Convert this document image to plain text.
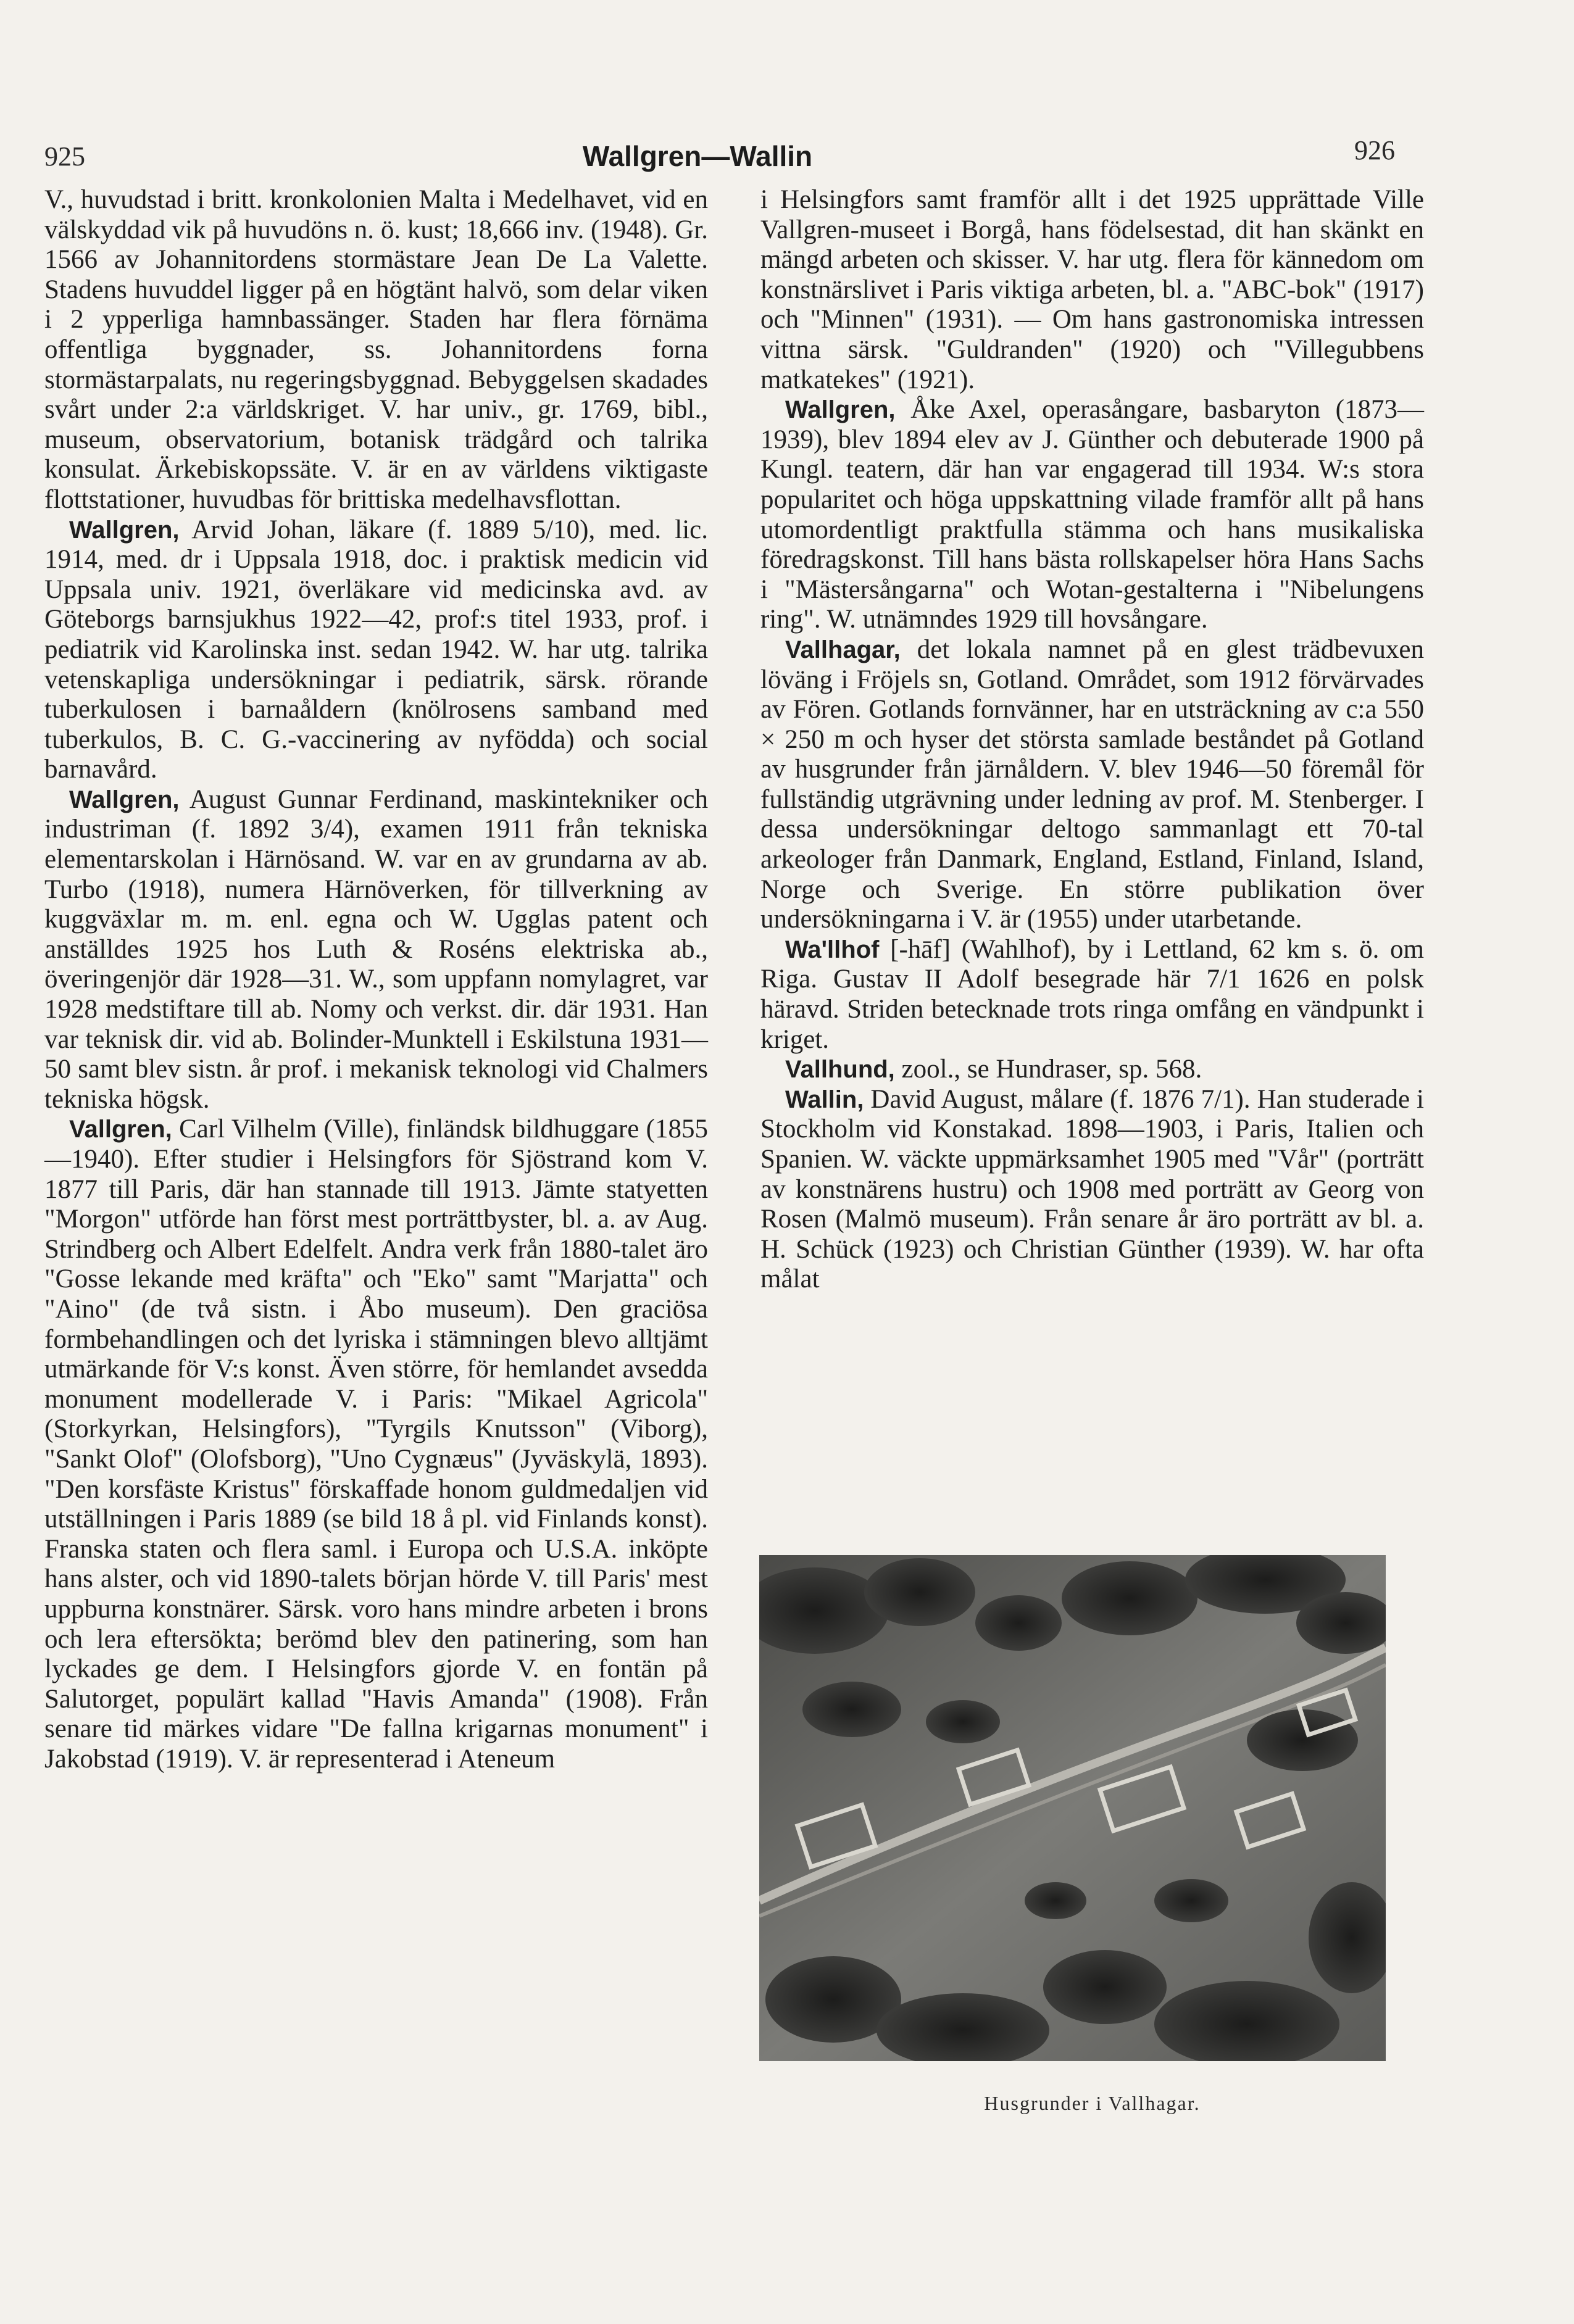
925	Wallgren—Wallin	926

V., huvudstad i britt. kronkolonien Malta i Medelhavet, vid en välskyddad vik på huvudöns n. ö. kust; 18,666 inv. (1948). Gr. 1566 av Johannitordens stormästare Jean De La Valette. Stadens huvuddel ligger på en högtänt halvö, som delar viken i 2 ypperliga hamnbassänger. Staden har flera förnäma offentliga byggnader, ss. Johannitordens forna stormästarpalats, nu regeringsbyggnad. Bebyggelsen skadades svårt under 2:a världskriget. V. har univ., gr. 1769, bibl., museum, observatorium, botanisk trädgård och talrika konsulat. Ärkebiskopssäte. V. är en av världens viktigaste flottstationer, huvudbas för brittiska medelhavsflottan.

Wallgren, Arvid Johan, läkare (f. 1889 5/10), med. lic. 1914, med. dr i Uppsala 1918, doc. i praktisk medicin vid Uppsala univ. 1921, överläkare vid medicinska avd. av Göteborgs barnsjukhus 1922—42, prof:s titel 1933, prof. i pediatrik vid Karolinska inst. sedan 1942. W. har utg. talrika vetenskapliga undersökningar i pediatrik, särsk. rörande tuberkulosen i barnaåldern (knölrosens samband med tuberkulos, B. C. G.-vaccinering av nyfödda) och social barnavård.

Wallgren, August Gunnar Ferdinand, maskintekniker och industriman (f. 1892 3/4), examen 1911 från tekniska elementarskolan i Härnösand. W. var en av grundarna av ab. Turbo (1918), numera Härnöverken, för tillverkning av kuggväxlar m. m. enl. egna och W. Ugglas patent och anställdes 1925 hos Luth & Roséns elektriska ab., överingenjör där 1928—31. W., som uppfann nomylagret, var 1928 medstiftare till ab. Nomy och verkst. dir. där 1931. Han var teknisk dir. vid ab. Bolinder-Munktell i Eskilstuna 1931—50 samt blev sistn. år prof. i mekanisk teknologi vid Chalmers tekniska högsk.

Vallgren, Carl Vilhelm (Ville), finländsk bildhuggare (1855—1940). Efter studier i Helsingfors för Sjöstrand kom V. 1877 till Paris, där han stannade till 1913. Jämte statyetten "Morgon" utförde han först mest porträttbyster, bl. a. av Aug. Strindberg och Albert Edelfelt. Andra verk från 1880-talet äro "Gosse lekande med kräfta" och "Eko" samt "Marjatta" och "Aino" (de två sistn. i Åbo museum). Den graciösa formbehandlingen och det lyriska i stämningen blevo alltjämt utmärkande för V:s konst. Även större, för hemlandet avsedda monument modellerade V. i Paris: "Mikael Agricola" (Storkyrkan, Helsingfors), "Tyrgils Knutsson" (Viborg), "Sankt Olof" (Olofsborg), "Uno Cygnæus" (Jyväskylä, 1893). "Den korsfäste Kristus" förskaffade honom guldmedaljen vid utställningen i Paris 1889 (se bild 18 å pl. vid Finlands konst). Franska staten och flera saml. i Europa och U.S.A. inköpte hans alster, och vid 1890-talets början hörde V. till Paris' mest uppburna konstnärer. Särsk. voro hans mindre arbeten i brons och lera eftersökta; berömd blev den patinering, som han lyckades ge dem. I Helsingfors gjorde V. en fontän på Salutorget, populärt kallad "Havis Amanda" (1908). Från senare tid märkes vidare "De fallna krigarnas monument" i Jakobstad (1919). V. är representerad i Ateneum

i Helsingfors samt framför allt i det 1925 upprättade Ville Vallgren-museet i Borgå, hans födelsestad, dit han skänkt en mängd arbeten och skisser. V. har utg. flera för kännedom om konstnärslivet i Paris viktiga arbeten, bl. a. "ABC-bok" (1917) och "Minnen" (1931). — Om hans gastronomiska intressen vittna särsk. "Guldranden" (1920) och "Villegubbens matkatekes" (1921).

Wallgren, Åke Axel, operasångare, basbaryton (1873—1939), blev 1894 elev av J. Günther och debuterade 1900 på Kungl. teatern, där han var engagerad till 1934. W:s stora popularitet och höga uppskattning vilade framför allt på hans utomordentligt praktfulla stämma och hans musikaliska föredragskonst. Till hans bästa rollskapelser höra Hans Sachs i "Mästersångarna" och Wotan-gestalterna i "Nibelungens ring". W. utnämndes 1929 till hovsångare.

Vallhagar, det lokala namnet på en glest trädbevuxen löväng i Fröjels sn, Gotland. Området, som 1912 förvärvades av Fören. Gotlands fornvänner, har en utsträckning av c:a 550 × 250 m och hyser det största samlade beståndet på Gotland av husgrunder från järnåldern. V. blev 1946—50 föremål för fullständig utgrävning under ledning av prof. M. Stenberger. I dessa undersökningar deltogo sammanlagt ett 70-tal arkeologer från Danmark, England, Estland, Finland, Island, Norge och Sverige. En större publikation över undersökningarna i V. är (1955) under utarbetande.

Wa'llhof [-hāf] (Wahlhof), by i Lettland, 62 km s. ö. om Riga. Gustav II Adolf besegrade här 7/1 1626 en polsk häravd. Striden betecknade trots ringa omfång en vändpunkt i kriget.

Vallhund, zool., se Hundraser, sp. 568.

Wallin, David August, målare (f. 1876 7/1). Han studerade i Stockholm vid Konstakad. 1898—1903, i Paris, Italien och Spanien. W. väckte uppmärksamhet 1905 med "Vår" (porträtt av konstnärens hustru) och 1908 med porträtt av Georg von Rosen (Malmö museum). Från senare år äro porträtt av bl. a. H. Schück (1923) och Christian Günther (1939). W. har ofta målat

Husgrunder i Vallhagar.
